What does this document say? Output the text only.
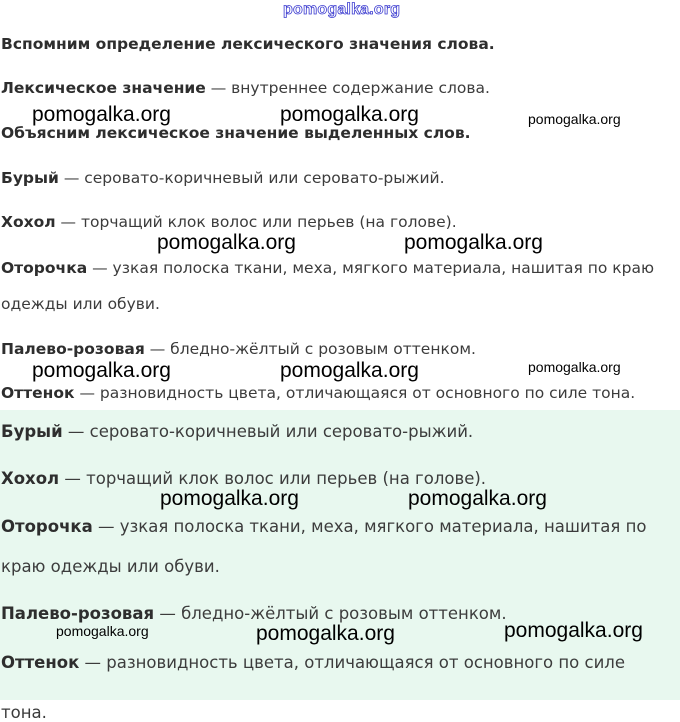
pomogalka.org

Вспомним определение лексического значения слова.

Лексическое значение — внутреннее содержание слова.

Объясним лексическое значение выделенных слов.

Бурый — серовато-коричневый или серовато-рыжий.

Хохол — торчащий клок волос или перьев (на голове).

Оторочка — узкая полоска ткани, меха, мягкого материала, нашитая по краю

одежды или обуви.

Палево-розовая — бледно-жёлтый с розовым оттенком.

Оттенок — разновидность цвета, отличающаяся от основного по силе тона.

Бурый — серовато-коричневый или серовато-рыжий.

Хохол — торчащий клок волос или перьев (на голове).

Оторочка — узкая полоска ткани, меха, мягкого материала, нашитая по

краю одежды или обуви.

Палево-розовая — бледно-жёлтый с розовым оттенком.

Оттенок — разновидность цвета, отличающаяся от основного по силе

тона.

pomogalka.org	pomogalka.org	pomogalka.org
pomogalka.org	pomogalka.org
pomogalka.org	pomogalka.org	pomogalka.org
pomogalka.org	pomogalka.org
pomogalka.org	pomogalka.org	pomogalka.org
